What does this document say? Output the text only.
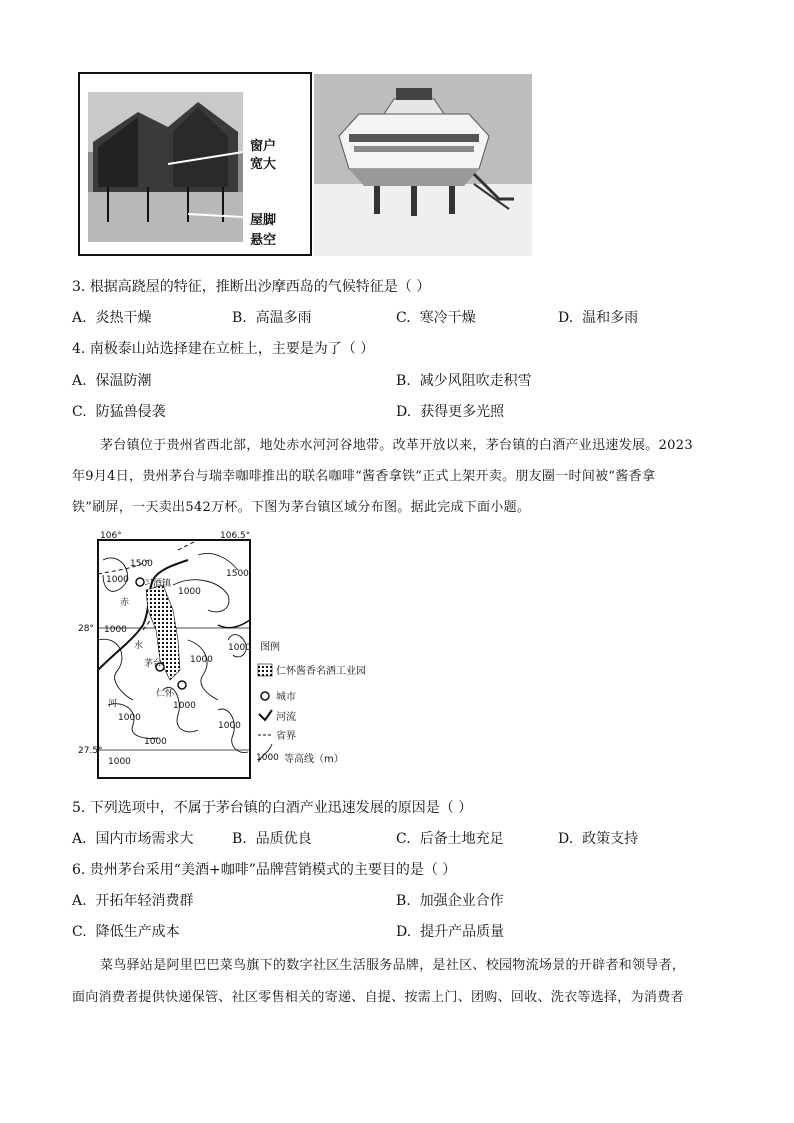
窗户
宽大
屋脚
悬空
3. 根据高跷屋的特征，推断出沙摩西岛的气候特征是（ ）
A. 炎热干燥	B. 高温多雨	C. 寒冷干燥	D. 温和多雨
4. 南极泰山站选择建在立桩上，主要是为了（ ）
A. 保温防潮	B. 减少风阻吹走积雪
C. 防猛兽侵袭	D. 获得更多光照
茅台镇位于贵州省西北部，地处赤水河河谷地带。改革开放以来，茅台镇的白酒产业迅速发展。2023
年9月4日，贵州茅台与瑞幸咖啡推出的联名咖啡“酱香拿铁”正式上架开卖。朋友圈一时间被“酱香拿
铁”刷屏，一天卖出542万杯。下图为茅台镇区域分布图。据此完成下面小题。
106°	106.5°
28°
27.5°
习酒镇
茅台
仁怀
赤
水
河
1500
1000
1000
1500
1000
1000
1000
1000
1000
1000
1000
1000
图例
仁怀酱香名酒工业园
城市
河流
省界
1000 等高线（m）
5. 下列选项中，不属于茅台镇的白酒产业迅速发展的原因是（ ）
A. 国内市场需求大	B. 品质优良	C. 后备土地充足	D. 政策支持
6. 贵州茅台采用“美酒+咖啡”品牌营销模式的主要目的是（ ）
A. 开拓年轻消费群	B. 加强企业合作
C. 降低生产成本	D. 提升产品质量
菜鸟驿站是阿里巴巴菜鸟旗下的数字社区生活服务品牌，是社区、校园物流场景的开辟者和领导者，
面向消费者提供快递保管、社区零售相关的寄递、自提、按需上门、团购、回收、洗衣等选择，为消费者
